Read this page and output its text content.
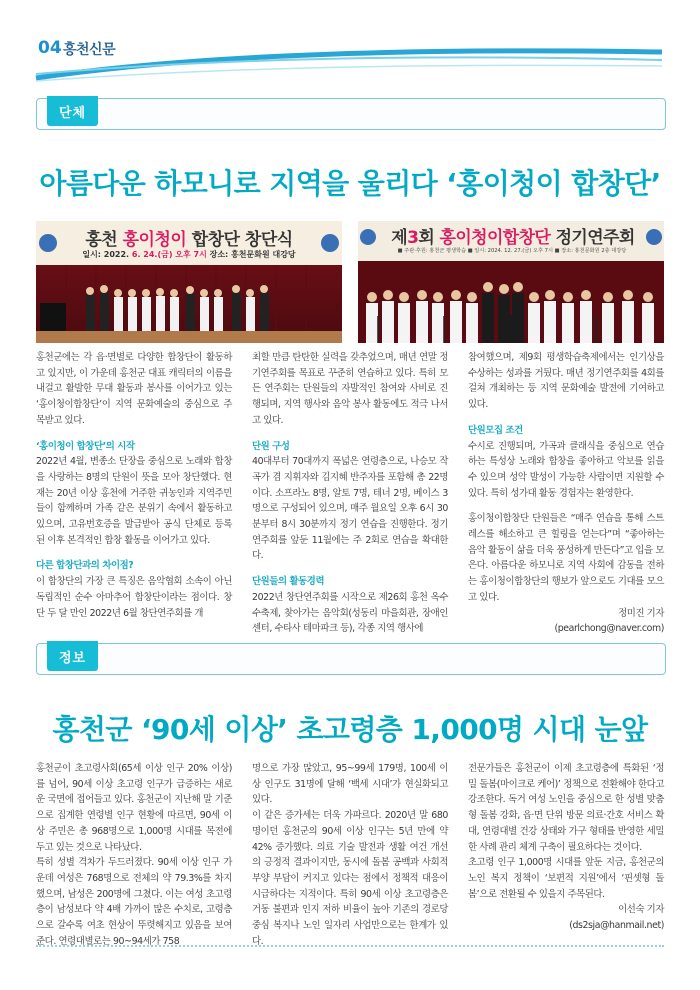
04 홍천신문
단체
아름다운 하모니로 지역을 울리다 ‘홍이청이 합창단’
홍천 홍이청이 합창단 창단식
일시: 2022. 6. 24.(금) 오후 7시 장소: 홍천문화원 대강당
제3회 홍이청이합창단 정기연주회
■ 주관·후원: 홍천군 평생학습 ■ 일시: 2024. 12. 27.(금) 오후 7시 ■ 장소: 홍천문화원 2층 대강당

홍천군에는 각 읍·면별로 다양한 합창단이 활동하고 있지만, 이 가운데 홍천군 대표 캐릭터의 이름을 내걸고 활발한 무대 활동과 봉사를 이어가고 있는 ‘홍이청이합창단’이 지역 문화예술의 중심으로 주목받고 있다.

‘홍이청이 합창단’의 시작

2022년 4월, 변종소 단장을 중심으로 노래와 합창을 사랑하는 8명의 단원이 뜻을 모아 창단했다. 현재는 20년 이상 홍천에 거주한 귀농인과 지역주민들이 함께하며 가족 같은 분위기 속에서 활동하고 있으며, 고유번호증을 발급받아 공식 단체로 등록된 이후 본격적인 합창 활동을 이어가고 있다.

다른 합창단과의 차이점?

이 합창단의 가장 큰 특징은 음악협회 소속이 아닌 독립적인 순수 아마추어 합창단이라는 점이다. 창단 두 달 만인 2022년 6월 창단연주회를 개

최할 만큼 탄탄한 실력을 갖추었으며, 매년 연말 정기연주회를 목표로 꾸준히 연습하고 있다. 특히 모든 연주회는 단원들의 자발적인 참여와 사비로 진행되며, 지역 행사와 음악 봉사 활동에도 적극 나서고 있다.

단원 구성

40대부터 70대까지 폭넓은 연령층으로, 나승모 작곡가 겸 지휘자와 김지혜 반주자를 포함해 총 22명이다. 소프라노 8명, 알토 7명, 테너 2명, 베이스 3명으로 구성되어 있으며, 매주 월요일 오후 6시 30분부터 8시 30분까지 정기 연습을 진행한다. 정기연주회를 앞둔 11월에는 주 2회로 연습을 확대한다.

단원들의 활동경력

2022년 창단연주회를 시작으로 제26회 홍천 옥수수축제, 찾아가는 음악회(성동리 마을회관, 장애인센터, 수타사 테마파크 등), 각종 지역 행사에

참여했으며, 제9회 평생학습축제에서는 인기상을 수상하는 성과를 거뒀다. 매년 정기연주회를 4회를 걸쳐 개최하는 등 지역 문화예술 발전에 기여하고 있다.

단원모집 조건

수시로 진행되며, 가곡과 클래식을 중심으로 연습하는 특성상 노래와 합창을 좋아하고 악보를 읽을 수 있으며 성악 발성이 가능한 사람이면 지원할 수 있다. 특히 성가대 활동 경험자는 환영한다.

홍이청이합창단 단원들은 “매주 연습을 통해 스트레스를 해소하고 큰 힐링을 얻는다”며 “좋아하는 음악 활동이 삶을 더욱 풍성하게 만든다”고 입을 모은다. 아름다운 하모니로 지역 사회에 감동을 전하는 홍이청이합창단의 행보가 앞으로도 기대를 모으고 있다.

정미진 기자

(pearlchong@naver.com)

정보
홍천군 ‘90세 이상’ 초고령층 1,000명 시대 눈앞
홍천군이 초고령사회(65세 이상 인구 20% 이상)를 넘어, 90세 이상 초고령 인구가 급증하는 새로운 국면에 접어들고 있다. 홍천군이 지난해 말 기준으로 집계한 연령별 인구 현황에 따르면, 90세 이상 주민은 총 968명으로 1,000명 시대를 목전에 두고 있는 것으로 나타났다.
특히 성별 격차가 두드러졌다. 90세 이상 인구 가운데 여성은 768명으로 전체의 약 79.3%를 차지했으며, 남성은 200명에 그쳤다. 이는 여성 초고령층이 남성보다 약 4배 가까이 많은 수치로, 고령층으로 갈수록 여초 현상이 뚜렷해지고 있음을 보여준다. 연령대별로는 90~94세가 758
명으로 가장 많았고, 95~99세 179명, 100세 이상 인구도 31명에 달해 ‘백세 시대’가 현실화되고 있다.
이 같은 증가세는 더욱 가파르다. 2020년 말 680명이던 홍천군의 90세 이상 인구는 5년 만에 약 42% 증가했다. 의료 기술 발전과 생활 여건 개선의 긍정적 결과이지만, 동시에 돌봄 공백과 사회적 부양 부담이 커지고 있다는 점에서 정책적 대응이 시급하다는 지적이다. 특히 90세 이상 초고령층은 거동 불편과 인지 저하 비율이 높아 기존의 경로당 중심 복지나 노인 일자리 사업만으로는 한계가 있다.

전문가들은 홍천군이 이제 초고령층에 특화된 ‘정밀 돌봄(마이크로 케어)’ 정책으로 전환해야 한다고 강조한다. 독거 여성 노인을 중심으로 한 성별 맞춤형 돌봄 강화, 읍·면 단위 방문 의료·간호 서비스 확대, 연령대별 건강 상태와 가구 형태를 반영한 세밀한 사례 관리 체계 구축이 필요하다는 것이다.
초고령 인구 1,000명 시대를 앞둔 지금, 홍천군의 노인 복지 정책이 ‘보편적 지원’에서 ‘핀셋형 돌봄’으로 전환될 수 있을지 주목된다.

이선숙 기자

(ds2sja@hanmail.net)
